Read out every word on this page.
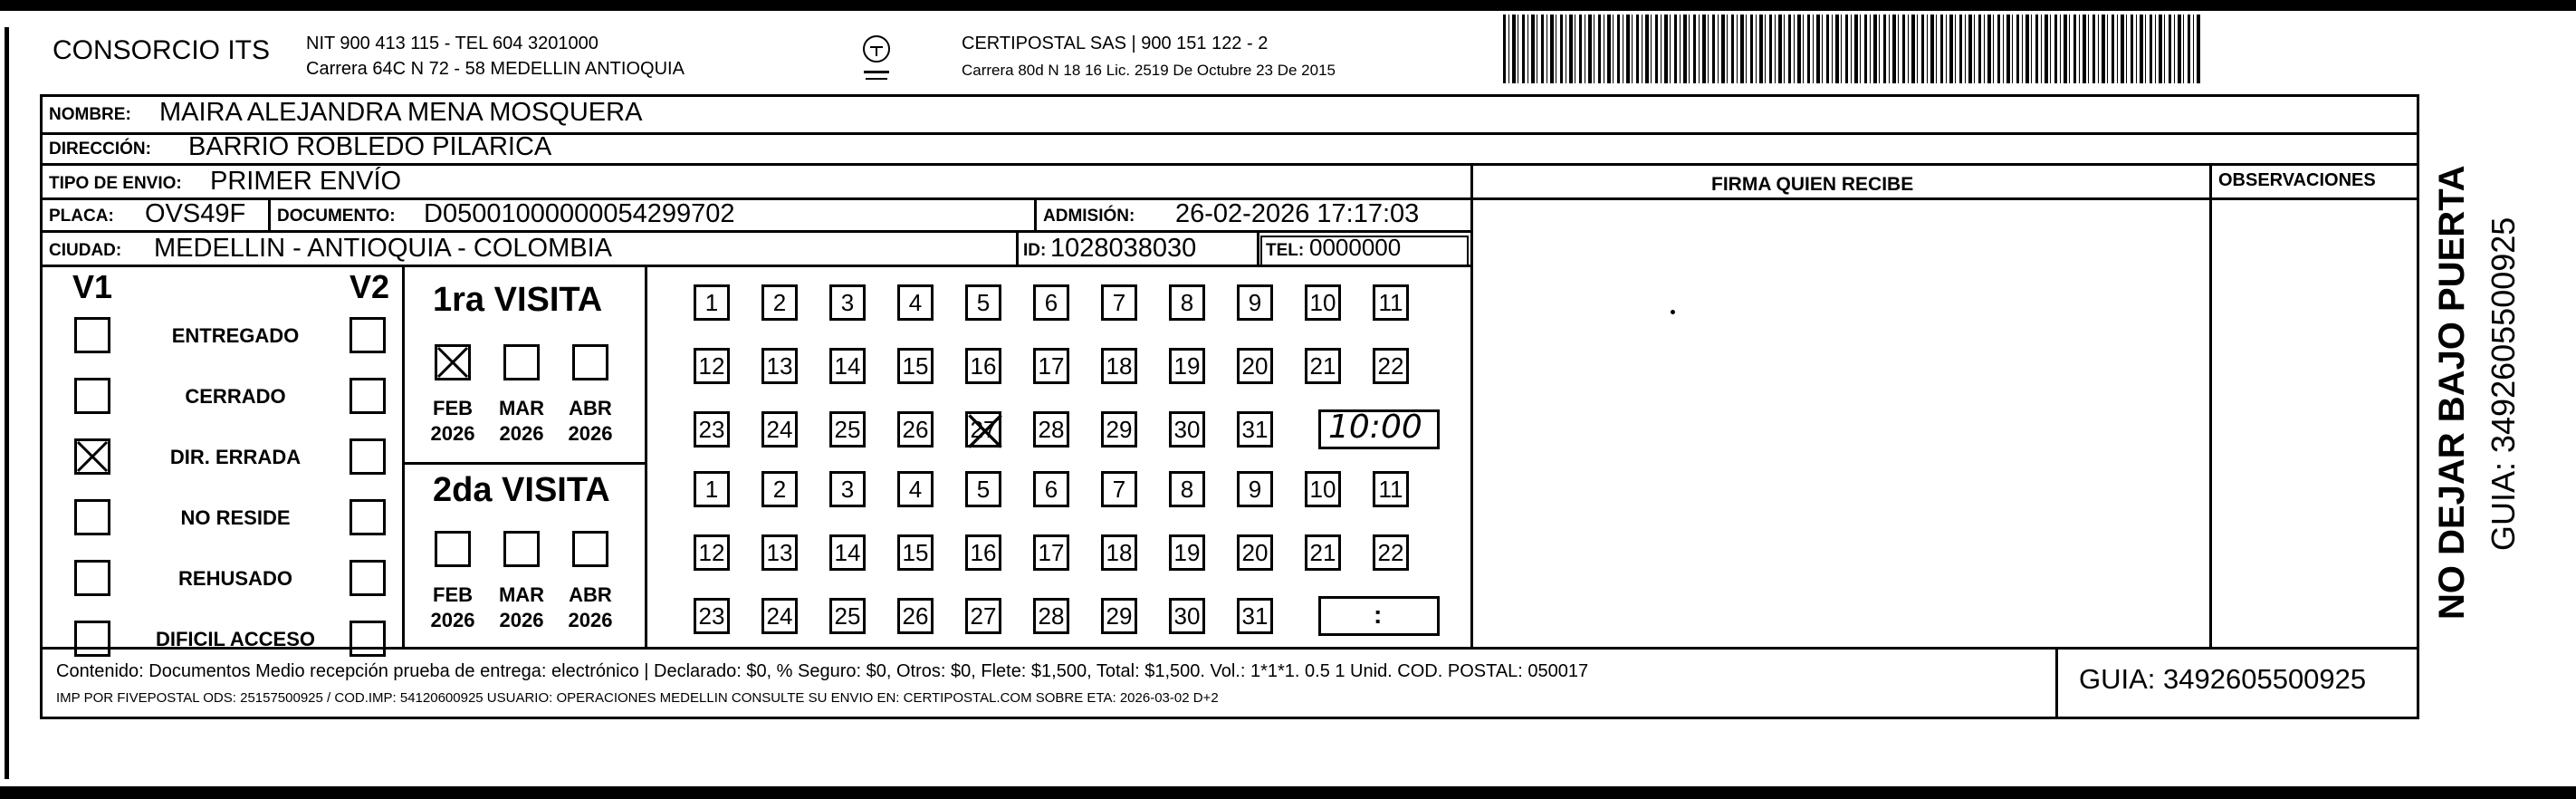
CONSORCIO ITS NIT 900 413 115 - TEL 604 3201000
Carrera 64C N 72 - 58 MEDELLIN ANTIOQUIA
CERTIPOSTAL SAS | 900 151 122 - 2
Carrera 80d N 18 16 Lic. 2519 De Octubre 23 De 2015
NOMBRE: MAIRA ALEJANDRA MENA MOSQUERA
DIRECCIÓN: BARRIO ROBLEDO PILARICA
TIPO DE ENVIO: PRIMER ENVÍO	FIRMA QUIEN RECIBE	OBSERVACIONES
PLACA: OVS49F DOCUMENTO: D05001000000054299702	ADMISIÓN: 26-02-2026 17:17:03
CIUDAD: MEDELLIN - ANTIOQUIA - COLOMBIA	ID: 1028038030	TEL: 0000000
V1	V2 1ra VISITA
2da VISITA
10:00
:
Contenido: Documentos Medio recepción prueba de entrega: electrónico | Declarado: $0, % Seguro: $0, Otros: $0, Flete: $1,500, Total: $1,500. Vol.: 1*1*1. 0.5 1 Unid. COD. POSTAL: 050017
IMP POR FIVEPOSTAL ODS: 25157500925 / COD.IMP: 54120600925 USUARIO: OPERACIONES MEDELLIN CONSULTE SU ENVIO EN: CERTIPOSTAL.COM SOBRE ETA: 2026-03-02 D+2
GUIA: 3492605500925
NO DEJAR BAJO PUERTA GUIA: 3492605500925
ENTREGADO
CERRADO
DIR. ERRADA
NO RESIDE
REHUSADO
DIFICIL ACCESO
FEB
2026
MAR
2026
ABR
2026
FEB
2026
MAR
2026
ABR
2026
1	2	3	4	5	6	7	8	9	10 11
12 13 14 15 16 17 18 19 20 21 22
23 24 25 26 27 28 29 30 31
1	2	3	4	5	6	7	8	9	10 11
12 13 14 15 16 17 18 19 20 21 22
23 24 25 26 27 28 29 30 31
